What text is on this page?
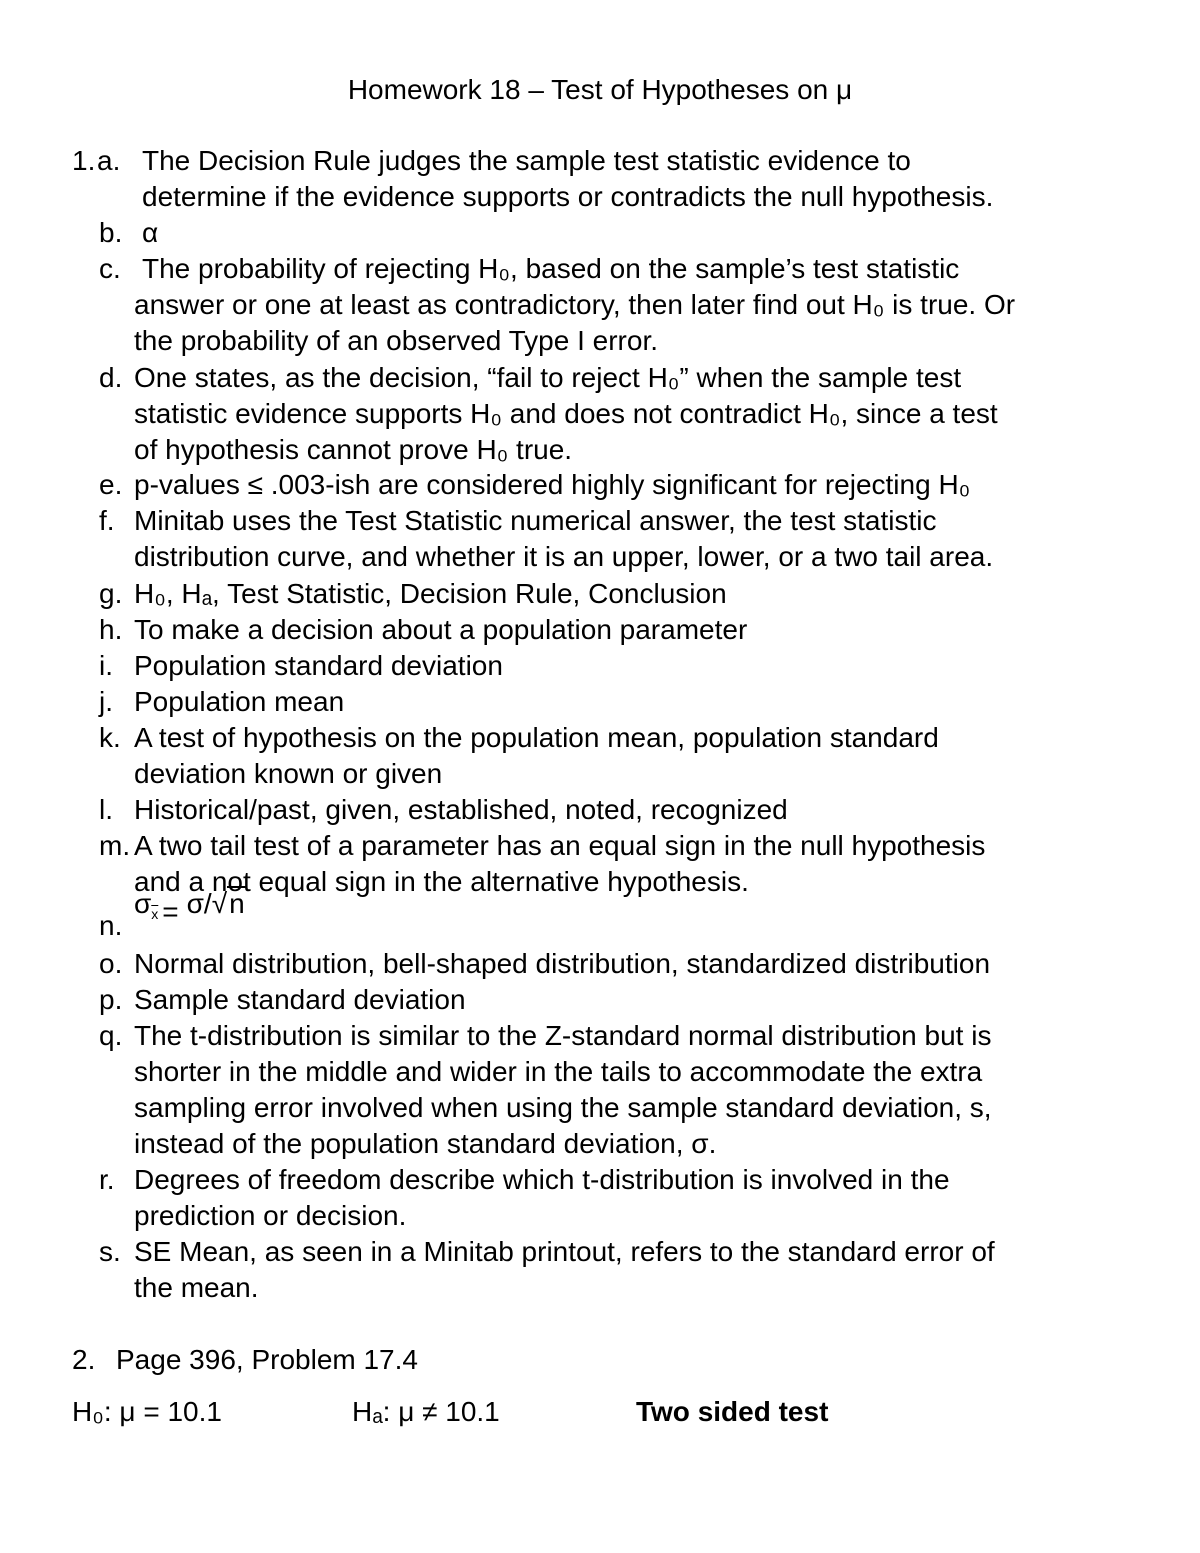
Homework 18 – Test of Hypotheses on μ
1. a. The Decision Rule judges the sample test statistic evidence to
determine if the evidence supports or contradicts the null hypothesis.
b. α
c. The probability of rejecting H₀, based on the sample’s test statistic
answer or one at least as contradictory, then later find out H₀ is true. Or
the probability of an observed Type I error.
d. One states, as the decision, “fail to reject H₀” when the sample test
statistic evidence supports H₀ and does not contradict H₀, since a test
of hypothesis cannot prove H₀ true.
e. p-values ≤ .003-ish are considered highly significant for rejecting H₀
f. Minitab uses the Test Statistic numerical answer, the test statistic
distribution curve, and whether it is an upper, lower, or a two tail area.
g. H₀, Hₐ, Test Statistic, Decision Rule, Conclusion
h. To make a decision about a population parameter
i. Population standard deviation
j. Population mean
k. A test of hypothesis on the population mean, population standard
deviation known or given
l. Historical/past, given, established, noted, recognized
m. A two tail test of a parameter has an equal sign in the null hypothesis
and a not equal sign in the alternative hypothesis.
n.
$\sigma_{\overline{x}} = \sigma/√n$
o. Normal distribution, bell-shaped distribution, standardized distribution
p. Sample standard deviation
q. The t-distribution is similar to the Z-standard normal distribution but is
shorter in the middle and wider in the tails to accommodate the extra
sampling error involved when using the sample standard deviation, s,
instead of the population standard deviation, σ.
r. Degrees of freedom describe which t-distribution is involved in the
prediction or decision.
s. SE Mean, as seen in a Minitab printout, refers to the standard error of
the mean.
2. Page 396, Problem 17.4
H₀: μ = 10.1	Hₐ: μ ≠ 10.1	Two sided test
